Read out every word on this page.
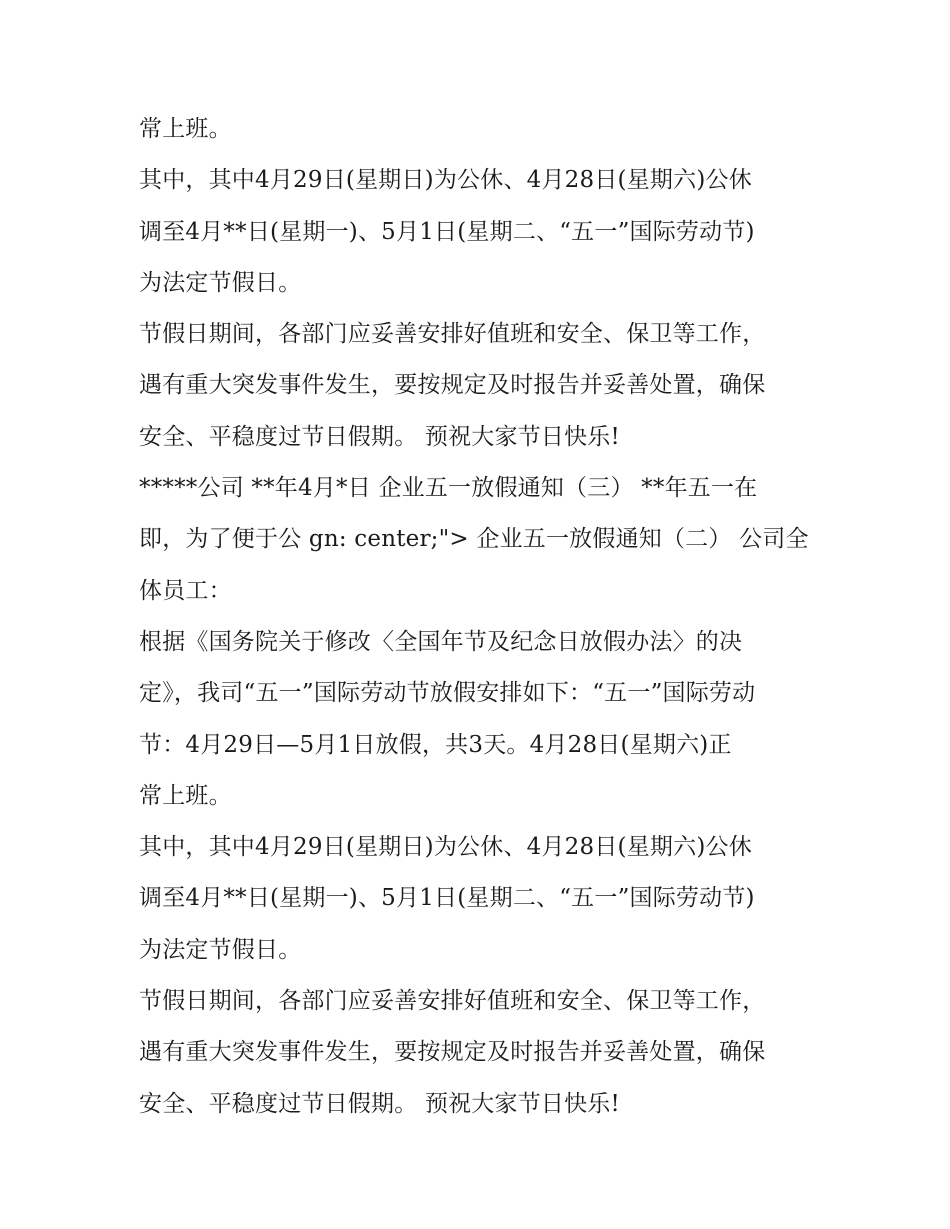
常上班。
其中，其中4月29日(星期日)为公休、4月28日(星期六)公休
调至4月**日(星期一)、5月1日(星期二、“五一”国际劳动节)
为法定节假日。
节假日期间，各部门应妥善安排好值班和安全、保卫等工作，
遇有重大突发事件发生，要按规定及时报告并妥善处置，确保
安全、平稳度过节日假期。 预祝大家节日快乐!
*****公司 **年4月*日 企业五一放假通知（三） **年五一在
即，为了便于公 gn: center;"> 企业五一放假通知（二） 公司全
体员工：
根据《国务院关于修改〈全国年节及纪念日放假办法〉的决
定》，我司“五一”国际劳动节放假安排如下：“五一”国际劳动
节：4月29日—5月1日放假，共3天。4月28日(星期六)正
常上班。
其中，其中4月29日(星期日)为公休、4月28日(星期六)公休
调至4月**日(星期一)、5月1日(星期二、“五一”国际劳动节)
为法定节假日。
节假日期间，各部门应妥善安排好值班和安全、保卫等工作，
遇有重大突发事件发生，要按规定及时报告并妥善处置，确保
安全、平稳度过节日假期。 预祝大家节日快乐!
